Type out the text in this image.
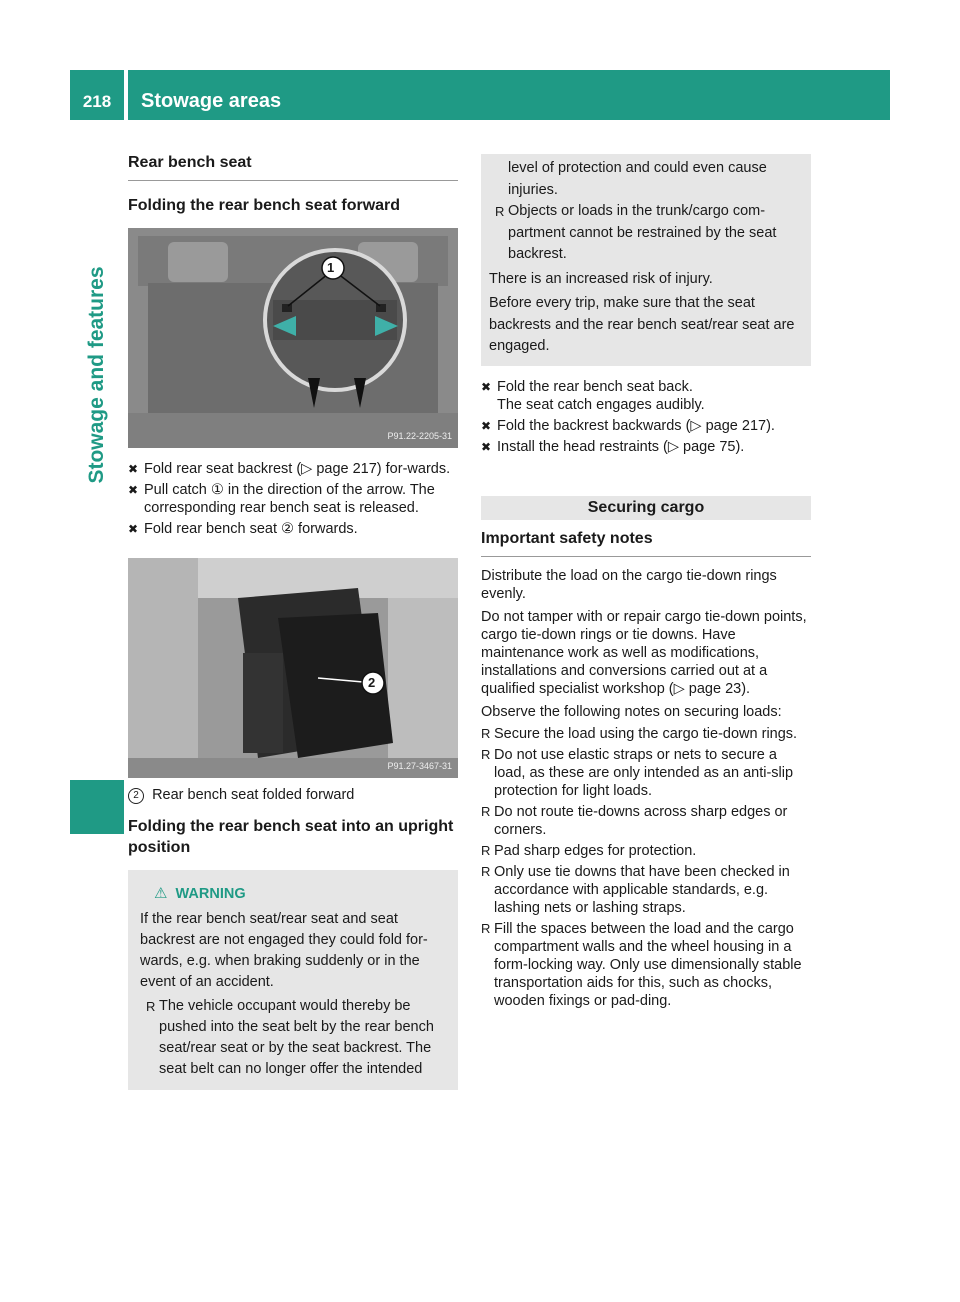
218	Stowage areas
Stowage and features
Rear bench seat
Folding the rear bench seat forward
1
P91.22-2205-31
✖ Fold rear seat backrest (▷ page 217) for-wards.

✖ Pull catch ① in the direction of the arrow. The corresponding rear bench seat is released.

✖ Fold rear bench seat ② forwards.

2
P91.27-3467-31
2 Rear bench seat folded forward
Folding the rear bench seat into an upright position
⚠ WARNING

If the rear bench seat/rear seat and seat backrest are not engaged they could fold for-wards, e.g. when braking suddenly or in the event of an accident.

R The vehicle occupant would thereby be pushed into the seat belt by the rear bench seat/rear seat or by the seat backrest. The seat belt can no longer offer the intended

level of protection and could even cause injuries.

R Objects or loads in the trunk/cargo com-partment cannot be restrained by the seat backrest.

There is an increased risk of injury.

Before every trip, make sure that the seat backrests and the rear bench seat/rear seat are engaged.

✖ Fold the rear bench seat back.

The seat catch engages audibly.

✖ Fold the backrest backwards (▷ page 217).

✖ Install the head restraints (▷ page 75).

Securing cargo
Important safety notes

Distribute the load on the cargo tie-down rings evenly.

Do not tamper with or repair cargo tie-down points, cargo tie-down rings or tie downs. Have maintenance work as well as modifications, installations and conversions carried out at a qualified specialist workshop (▷ page 23).

Observe the following notes on securing loads:

R Secure the load using the cargo tie-down rings.

R Do not use elastic straps or nets to secure a load, as these are only intended as an anti-slip protection for light loads.

R Do not route tie-downs across sharp edges or corners.

R Pad sharp edges for protection.

R Only use tie downs that have been checked in accordance with applicable standards, e.g. lashing nets or lashing straps.

R Fill the spaces between the load and the cargo compartment walls and the wheel housing in a form-locking way. Only use dimensionally stable transportation aids for this, such as chocks, wooden fixings or pad-ding.
